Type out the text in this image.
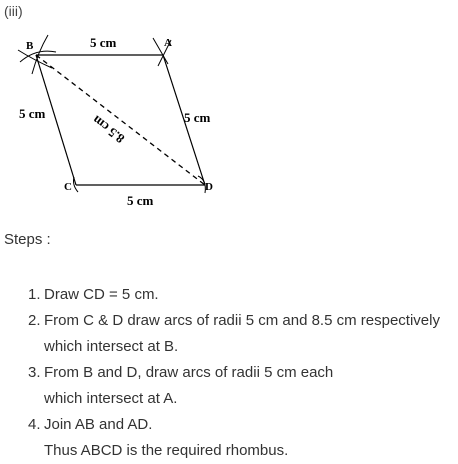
(iii)
B	A
C	D
5 cm
5 cm	5 cm
5 cm
8.5 cm
Steps :
1. Draw CD = 5 cm.
2. From C & D draw arcs of radii 5 cm and 8.5 cm respectively
which intersect at B.
3. From B and D, draw arcs of radii 5 cm each
which intersect at A.
4. Join AB and AD.
Thus ABCD is the required rhombus.
